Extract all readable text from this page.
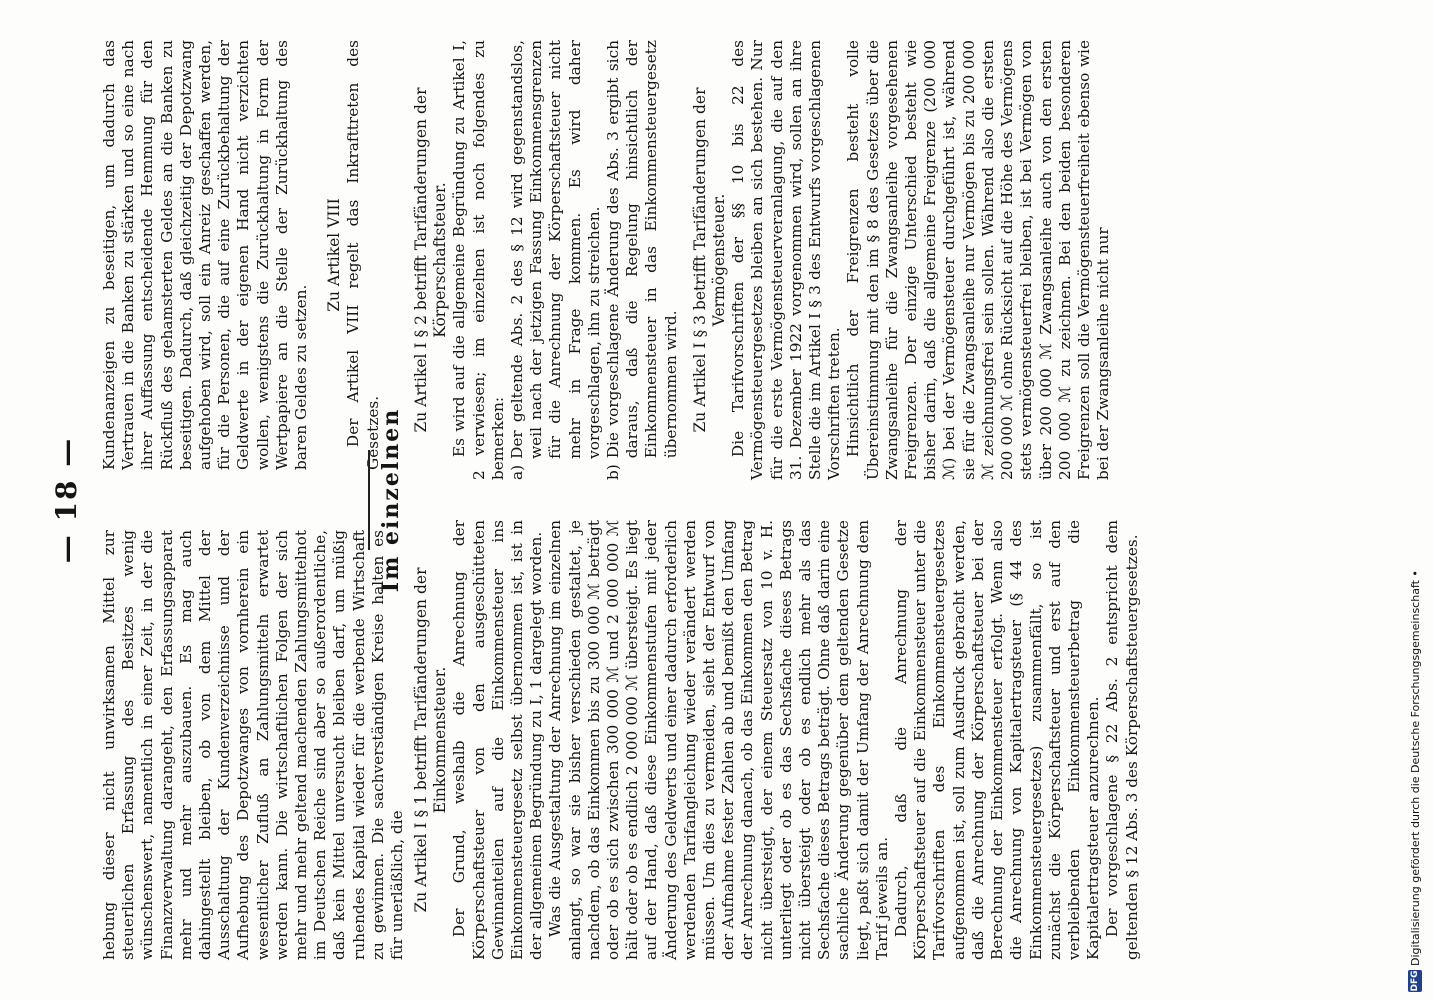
— 18 —

hebung dieser nicht unwirksamen Mittel zur steuerlichen Erfassung des Besitzes wenig wünschenswert, namentlich in einer Zeit, in der die Finanzverwaltung darangeht, den Erfassungsapparat mehr und mehr auszubauen. Es mag auch dahingestellt bleiben, ob von dem Mittel der Ausschaltung der Kundenverzeichnisse und der Aufhebung des Depotzwanges von vornherein ein wesentlicher Zufluß an Zahlungsmitteln erwartet werden kann. Die wirtschaftlichen Folgen der sich mehr und mehr geltend machenden Zahlungsmittelnot im Deutschen Reiche sind aber so außerordentliche, daß kein Mittel unversucht bleiben darf, um müßig ruhendes Kapital wieder für die werbende Wirtschaft zu gewinnen. Die sachverständigen Kreise halten es für unerläßlich, die

Kundenanzeigen zu beseitigen, um dadurch das Vertrauen in die Banken zu stärken und so eine nach ihrer Auffassung entscheidende Hemmung für den Rückfluß des gehamsterten Geldes an die Banken zu beseitigen. Dadurch, daß gleichzeitig der Depotzwang aufgehoben wird, soll ein Anreiz geschaffen werden, für die Personen, die auf eine Zurückbehaltung der Geldwerte in der eigenen Hand nicht verzichten wollen, wenigstens die Zurückhaltung in Form der Wertpapiere an die Stelle der Zurückhaltung des baren Geldes zu setzen.

Zu Artikel VIII Der Artikel VIII regelt das Inkrafttreten des Gesetzes.

Im einzelnen

Zu Artikel I § 1 betrifft Tarifänderungen der Einkommensteuer. Der Grund, weshalb die Anrechnung der Körperschaftsteuer von den ausgeschütteten Gewinnanteilen auf die Einkommensteuer ins Einkommensteuergesetz selbst übernommen ist, ist in der allgemeinen Begründung zu I, 1 dargelegt worden. Was die Ausgestaltung der Anrechnung im einzelnen anlangt, so war sie bisher verschieden gestaltet, je nachdem, ob das Einkommen bis zu 300 000 ℳ beträgt oder ob es sich zwischen 300 000 ℳ und 2 000 000 ℳ hält oder ob es endlich 2 000 000 ℳ übersteigt. Es liegt auf der Hand, daß diese Einkommenstufen mit jeder Änderung des Geldwerts und einer dadurch erforderlich werdenden Tarifangleichung wieder verändert werden müssen. Um dies zu vermeiden, sieht der Entwurf von der Aufnahme fester Zahlen ab und bemißt den Umfang der Anrechnung danach, ob das Einkommen den Betrag nicht übersteigt, der einem Steuersatz von 10 v. H. unterliegt oder ob es das Sechsfache dieses Betrags nicht übersteigt oder ob es endlich mehr als das Sechsfache dieses Betrags beträgt. Ohne daß darin eine sachliche Änderung gegenüber dem geltenden Gesetze liegt, paßt sich damit der Umfang der Anrechnung dem Tarif jeweils an. Dadurch, daß die Anrechnung der Körperschaftsteuer auf die Einkommensteuer unter die Tarifvorschriften des Einkommensteuergesetzes aufgenommen ist, soll zum Ausdruck gebracht werden, daß die Anrechnung der Körperschaftsteuer bei der Berechnung der Einkommensteuer erfolgt. Wenn also die Anrechnung von Kapitalertragsteuer (§ 44 des Einkommensteuergesetzes) zusammenfällt, so ist zunächst die Körperschaftsteuer und erst auf den verbleibenden Einkommensteuerbetrag die Kapitalertragsteuer anzurechnen. Der vorgeschlagene § 22 Abs. 2 entspricht dem geltenden § 12 Abs. 3 des Körperschaftsteuergesetzes.

Zu Artikel I § 2 betrifft Tarifänderungen der Körperschaftsteuer. Es wird auf die allgemeine Begründung zu Artikel I, 2 verwiesen; im einzelnen ist noch folgendes zu bemerken: a)
Der geltende Abs. 2 des § 12 wird gegenstandslos, weil nach der jetzigen Fassung Einkommensgrenzen für die Anrechnung der Körperschaftsteuer nicht mehr in Frage kommen. Es wird daher vorgeschlagen, ihn zu streichen.
b)
Die vorgeschlagene Änderung des Abs. 3 ergibt sich daraus, daß die Regelung hinsichtlich der Einkommensteuer in das Einkommensteuergesetz übernommen wird. Zu Artikel I § 3 betrifft Tarifänderungen der Vermögensteuer. Die Tarifvorschriften der §§ 10 bis 22 des Vermögensteuergesetzes bleiben an sich bestehen. Nur für die erste Vermögensteuerveranlagung, die auf den 31. Dezember 1922 vorgenommen wird, sollen an ihre Stelle die im Artikel I § 3 des Entwurfs vorgeschlagenen Vorschriften treten. Hinsichtlich der Freigrenzen besteht volle Übereinstimmung mit den im § 8 des Gesetzes über die Zwangsanleihe für die Zwangsanleihe vorgesehenen Freigrenzen. Der einzige Unterschied besteht wie bisher darin, daß die allgemeine Freigrenze (200 000 ℳ) bei der Vermögensteuer durchgeführt ist, während sie für die Zwangsanleihe nur Vermögen bis zu 200 000 ℳ zeichnungsfrei sein sollen. Während also die ersten 200 000 ℳ ohne Rücksicht auf die Höhe des Vermögens stets vermögensteuerfrei bleiben, ist bei Vermögen von über 200 000 ℳ Zwangsanleihe auch von den ersten 200 000 ℳ zu zeichnen. Bei den beiden besonderen Freigrenzen soll die Vermögensteuerfreiheit ebenso wie bei der Zwangsanleihe nicht nur

DFG
Digitalisierung gefördert durch die Deutsche Forschungsgemeinschaft •
